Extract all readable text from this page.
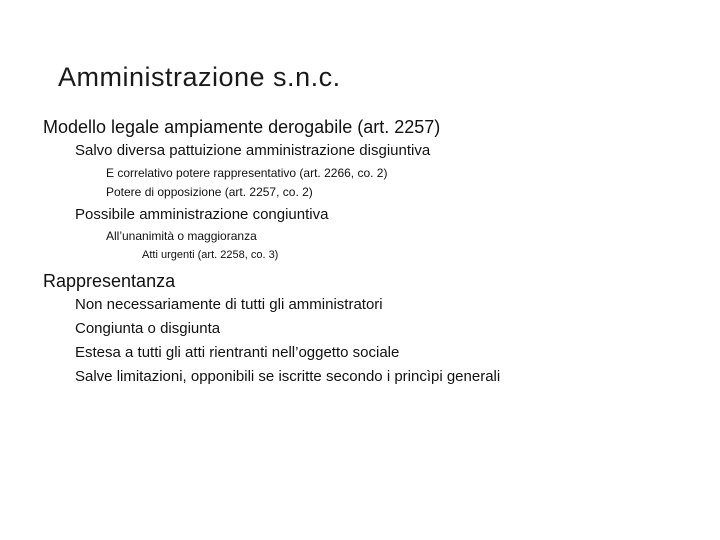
Amministrazione s.n.c.
Modello legale ampiamente derogabile (art. 2257)
Salvo diversa pattuizione amministrazione disgiuntiva
E correlativo potere rappresentativo (art. 2266, co. 2)
Potere di opposizione (art. 2257, co. 2)
Possibile amministrazione congiuntiva
All’unanimità o maggioranza
Atti urgenti (art. 2258, co. 3)
Rappresentanza
Non necessariamente di tutti gli amministratori
Congiunta o disgiunta
Estesa a tutti gli atti rientranti nell’oggetto sociale
Salve limitazioni, opponibili se iscritte secondo i princìpi generali
